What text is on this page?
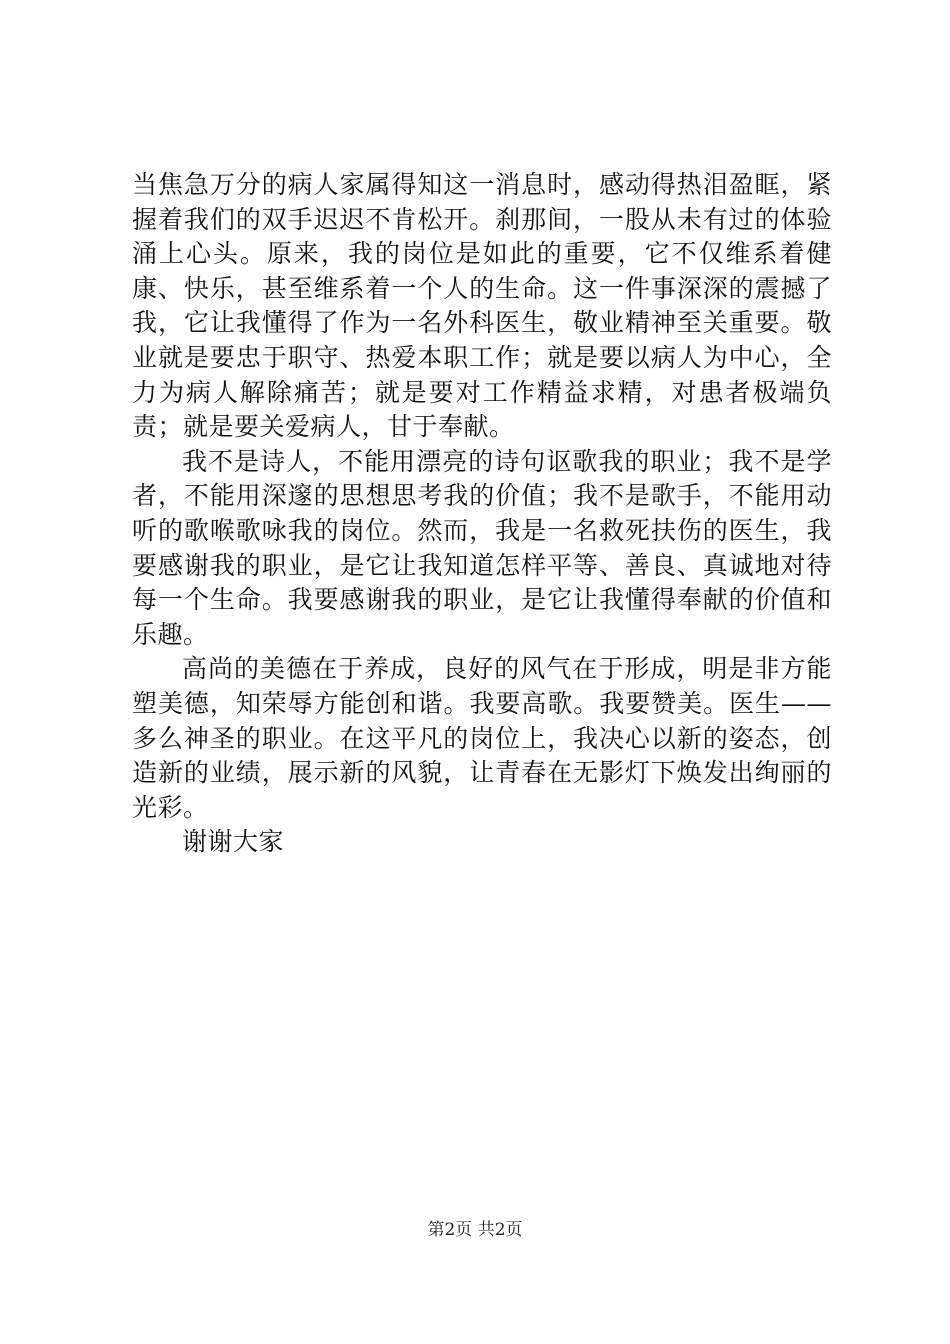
当焦急万分的病人家属得知这一消息时，感动得热泪盈眶，紧握着我们的双手迟迟不肯松开。刹那间，一股从未有过的体验涌上心头。原来，我的岗位是如此的重要，它不仅维系着健康、快乐，甚至维系着一个人的生命。这一件事深深的震撼了我，它让我懂得了作为一名外科医生，敬业精神至关重要。敬业就是要忠于职守、热爱本职工作；就是要以病人为中心，全力为病人解除痛苦；就是要对工作精益求精，对患者极端负责；就是要关爱病人，甘于奉献。

我不是诗人，不能用漂亮的诗句讴歌我的职业；我不是学者，不能用深邃的思想思考我的价值；我不是歌手，不能用动听的歌喉歌咏我的岗位。然而，我是一名救死扶伤的医生，我要感谢我的职业，是它让我知道怎样平等、善良、真诚地对待每一个生命。我要感谢我的职业，是它让我懂得奉献的价值和乐趣。

高尚的美德在于养成，良好的风气在于形成，明是非方能塑美德，知荣辱方能创和谐。我要高歌。我要赞美。医生——多么神圣的职业。在这平凡的岗位上，我决心以新的姿态，创造新的业绩，展示新的风貌，让青春在无影灯下焕发出绚丽的光彩。

谢谢大家

第2页 共2页
